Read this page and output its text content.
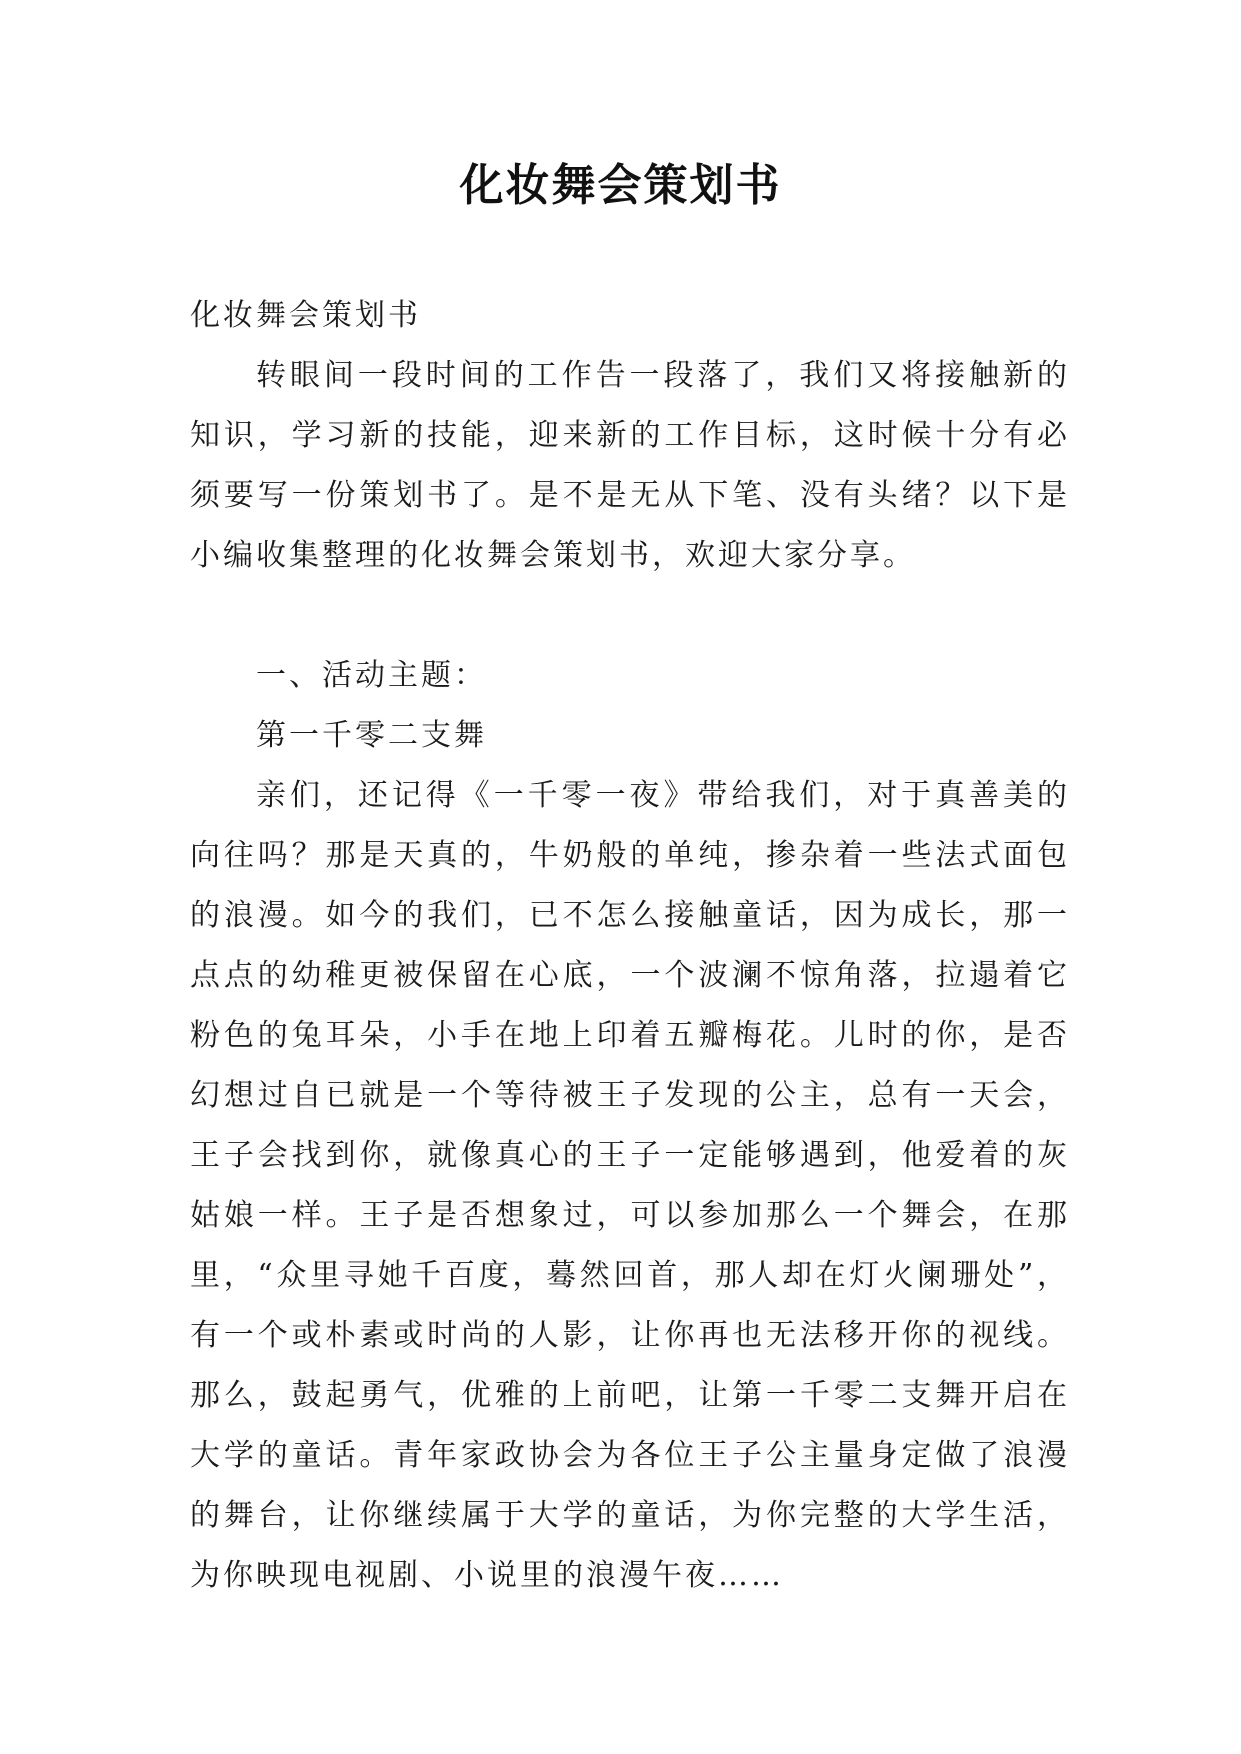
化妆舞会策划书

化妆舞会策划书

转眼间一段时间的工作告一段落了，我们又将接触新的知识，学习新的技能，迎来新的工作目标，这时候十分有必须要写一份策划书了。是不是无从下笔、没有头绪？以下是小编收集整理的化妆舞会策划书，欢迎大家分享。

一、活动主题：

第一千零二支舞

亲们，还记得《一千零一夜》带给我们，对于真善美的向往吗？那是天真的，牛奶般的单纯，掺杂着一些法式面包的浪漫。如今的我们，已不怎么接触童话，因为成长，那一点点的幼稚更被保留在心底，一个波澜不惊角落，拉遢着它粉色的兔耳朵，小手在地上印着五瓣梅花。儿时的你，是否幻想过自已就是一个等待被王子发现的公主，总有一天会，王子会找到你，就像真心的王子一定能够遇到，他爱着的灰姑娘一样。王子是否想象过，可以参加那么一个舞会，在那里，“众里寻她千百度，蓦然回首，那人却在灯火阑珊处”，有一个或朴素或时尚的人影，让你再也无法移开你的视线。那么，鼓起勇气，优雅的上前吧，让第一千零二支舞开启在大学的童话。青年家政协会为各位王子公主量身定做了浪漫的舞台，让你继续属于大学的童话，为你完整的大学生活，为你映现电视剧、小说里的浪漫午夜……
